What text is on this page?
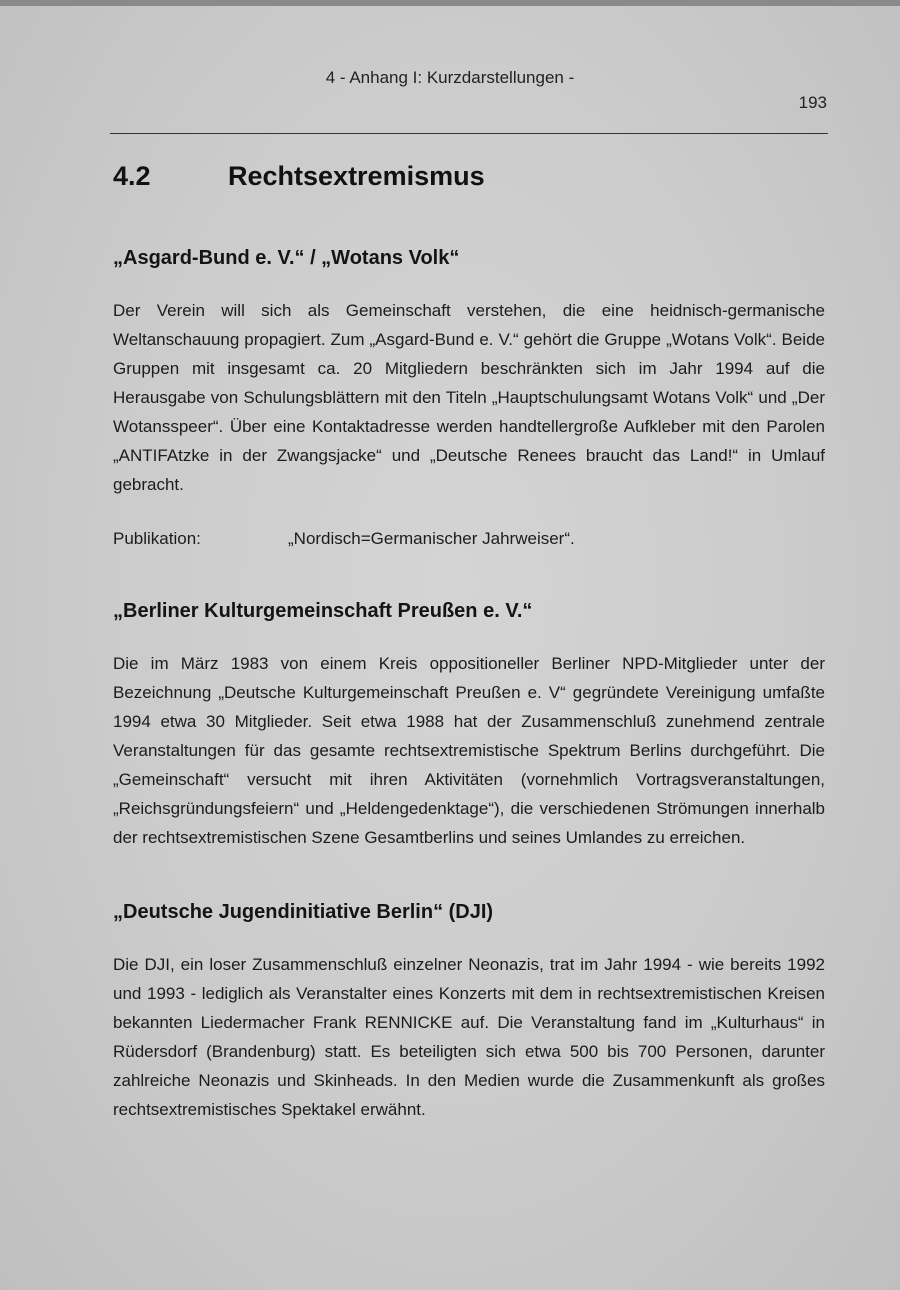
4 - Anhang I: Kurzdarstellungen -
193
4.2	Rechtsextremismus
„Asgard-Bund e. V.“ / „Wotans Volk“

Der Verein will sich als Gemeinschaft verstehen, die eine heidnisch-germanische Weltanschauung propagiert. Zum „Asgard-Bund e. V.“ gehört die Gruppe „Wotans Volk“. Beide Gruppen mit insgesamt ca. 20 Mitgliedern beschränkten sich im Jahr 1994 auf die Herausgabe von Schulungsblättern mit den Titeln „Hauptschulungsamt Wotans Volk“ und „Der Wotansspeer“. Über eine Kontaktadresse werden handtellergroße Aufkleber mit den Parolen „ANTIFAtzke in der Zwangsjacke“ und „Deutsche Renees braucht das Land!“ in Umlauf gebracht.

Publikation:	„Nordisch=Germanischer Jahrweiser“.
„Berliner Kulturgemeinschaft Preußen e. V.“

Die im März 1983 von einem Kreis oppositioneller Berliner NPD-Mitglieder unter der Bezeichnung „Deutsche Kulturgemeinschaft Preußen e. V“ gegründete Vereinigung umfaßte 1994 etwa 30 Mitglieder. Seit etwa 1988 hat der Zusammenschluß zunehmend zentrale Veranstaltungen für das gesamte rechtsextremistische Spektrum Berlins durchgeführt. Die „Gemeinschaft“ versucht mit ihren Aktivitäten (vornehmlich Vortragsveranstaltungen, „Reichsgründungsfeiern“ und „Heldengedenktage“), die verschiedenen Strömungen innerhalb der rechtsextremistischen Szene Gesamtberlins und seines Umlandes zu erreichen.

„Deutsche Jugendinitiative Berlin“ (DJI)

Die DJI, ein loser Zusammenschluß einzelner Neonazis, trat im Jahr 1994 - wie bereits 1992 und 1993 - lediglich als Veranstalter eines Konzerts mit dem in rechtsextremistischen Kreisen bekannten Liedermacher Frank RENNICKE auf. Die Veranstaltung fand im „Kulturhaus“ in Rüdersdorf (Brandenburg) statt. Es beteiligten sich etwa 500 bis 700 Personen, darunter zahlreiche Neonazis und Skinheads. In den Medien wurde die Zusammenkunft als großes rechtsextremistisches Spektakel erwähnt.
